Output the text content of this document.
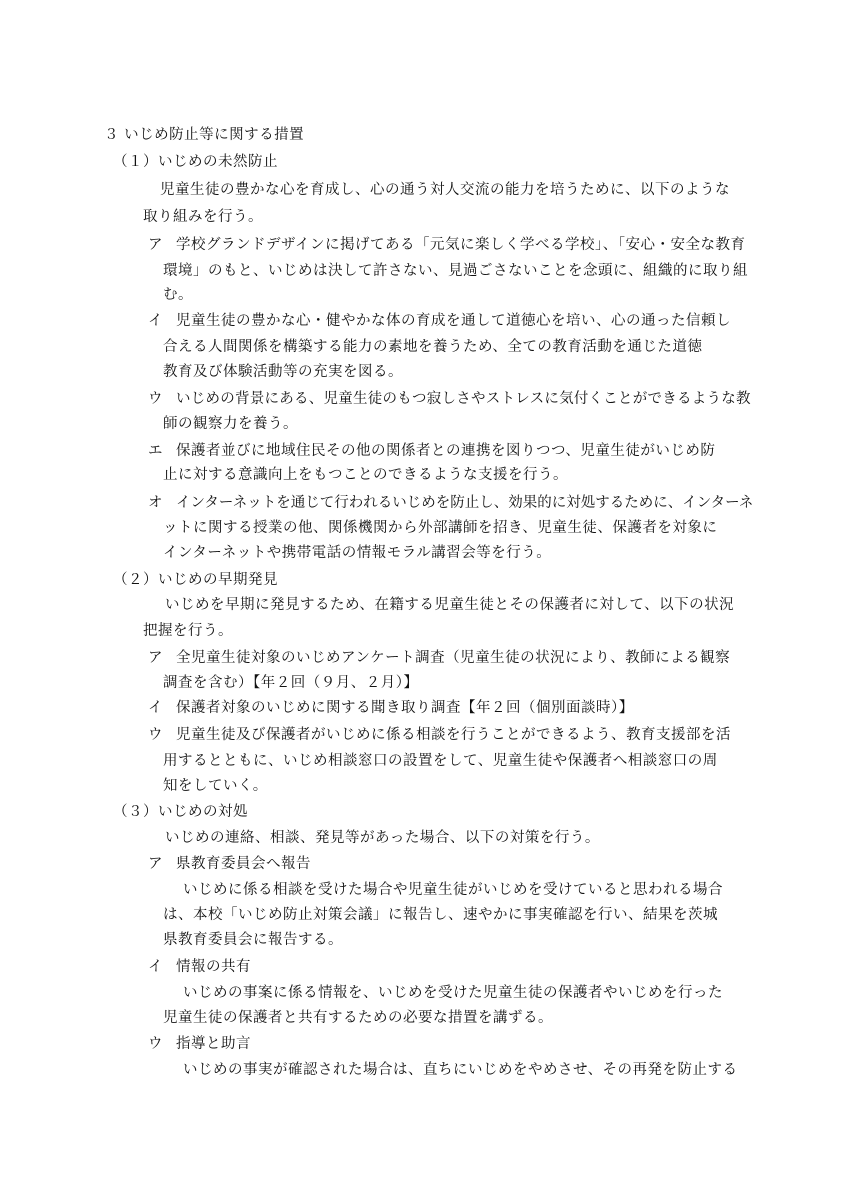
３ いじめ防止等に関する措置
（１）いじめの未然防止
児童生徒の豊かな心を育成し、心の通う対人交流の能力を培うために、以下のような
取り組みを行う。
ア 学校グランドデザインに掲げてある「元気に楽しく学べる学校」、「安心・安全な教育
環境」のもと、いじめは決して許さない、見過ごさないことを念頭に、組織的に取り組
む。
イ 児童生徒の豊かな心・健やかな体の育成を通して道徳心を培い、心の通った信頼し
合える人間関係を構築する能力の素地を養うため、全ての教育活動を通じた道徳
教育及び体験活動等の充実を図る。
ウ いじめの背景にある、児童生徒のもつ寂しさやストレスに気付くことができるような教
師の観察力を養う。
エ 保護者並びに地域住民その他の関係者との連携を図りつつ、児童生徒がいじめ防
止に対する意識向上をもつことのできるような支援を行う。
オ インターネットを通じて行われるいじめを防止し、効果的に対処するために、インターネ
ットに関する授業の他、関係機関から外部講師を招き、児童生徒、保護者を対象に
インターネットや携帯電話の情報モラル講習会等を行う。
（２）いじめの早期発見
いじめを早期に発見するため、在籍する児童生徒とその保護者に対して、以下の状況
把握を行う。
ア 全児童生徒対象のいじめアンケート調査（児童生徒の状況により、教師による観察
調査を含む）【年２回（９月、２月）】
イ 保護者対象のいじめに関する聞き取り調査【年２回（個別面談時）】
ウ 児童生徒及び保護者がいじめに係る相談を行うことができるよう、教育支援部を活
用するとともに、いじめ相談窓口の設置をして、児童生徒や保護者へ相談窓口の周
知をしていく。
（３）いじめの対処
いじめの連絡、相談、発見等があった場合、以下の対策を行う。
ア 県教育委員会へ報告
いじめに係る相談を受けた場合や児童生徒がいじめを受けていると思われる場合
は、本校「いじめ防止対策会議」に報告し、速やかに事実確認を行い、結果を茨城
県教育委員会に報告する。
イ 情報の共有
いじめの事案に係る情報を、いじめを受けた児童生徒の保護者やいじめを行った
児童生徒の保護者と共有するための必要な措置を講ずる。
ウ 指導と助言
いじめの事実が確認された場合は、直ちにいじめをやめさせ、その再発を防止する
